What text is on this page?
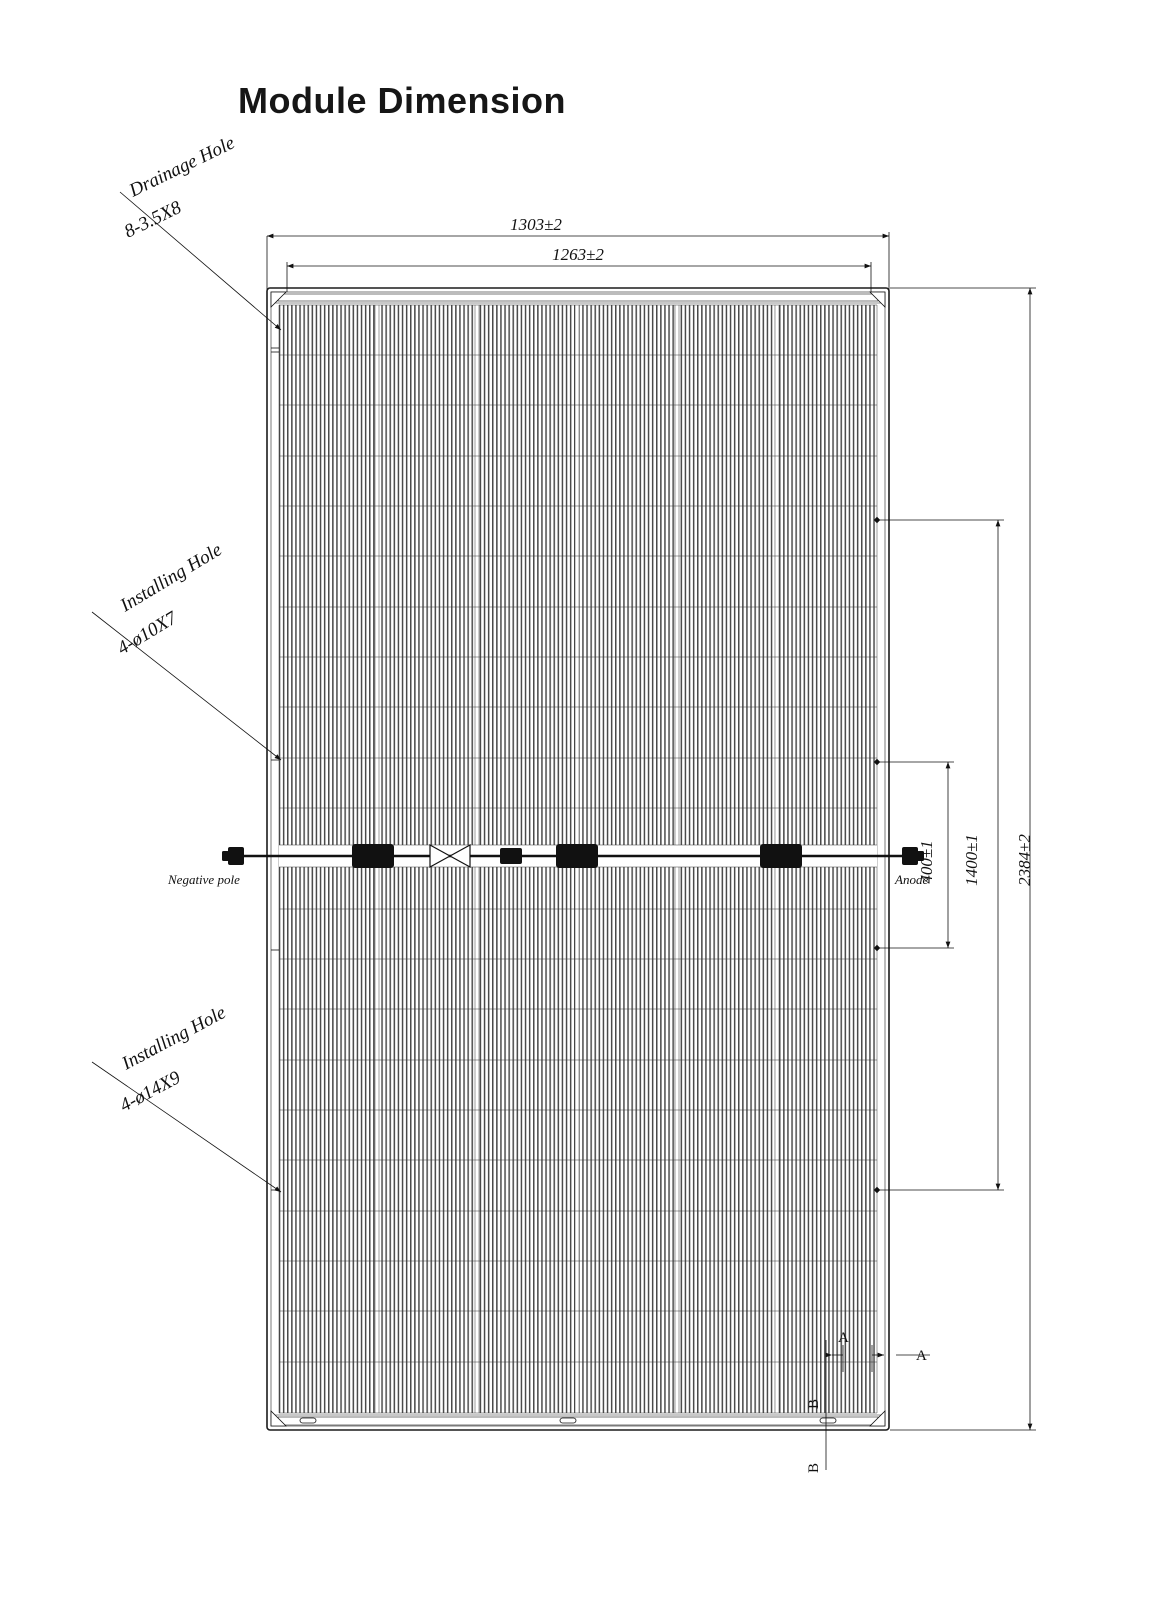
Module Dimension
Negative pole	Anode
1303±2
1263±2
2384±2
1400±1
400±1
Drainage Hole
8-3.5X8
Installing Hole
4-ø10X7
Installing Hole
4-ø14X9
A
A
B
B
